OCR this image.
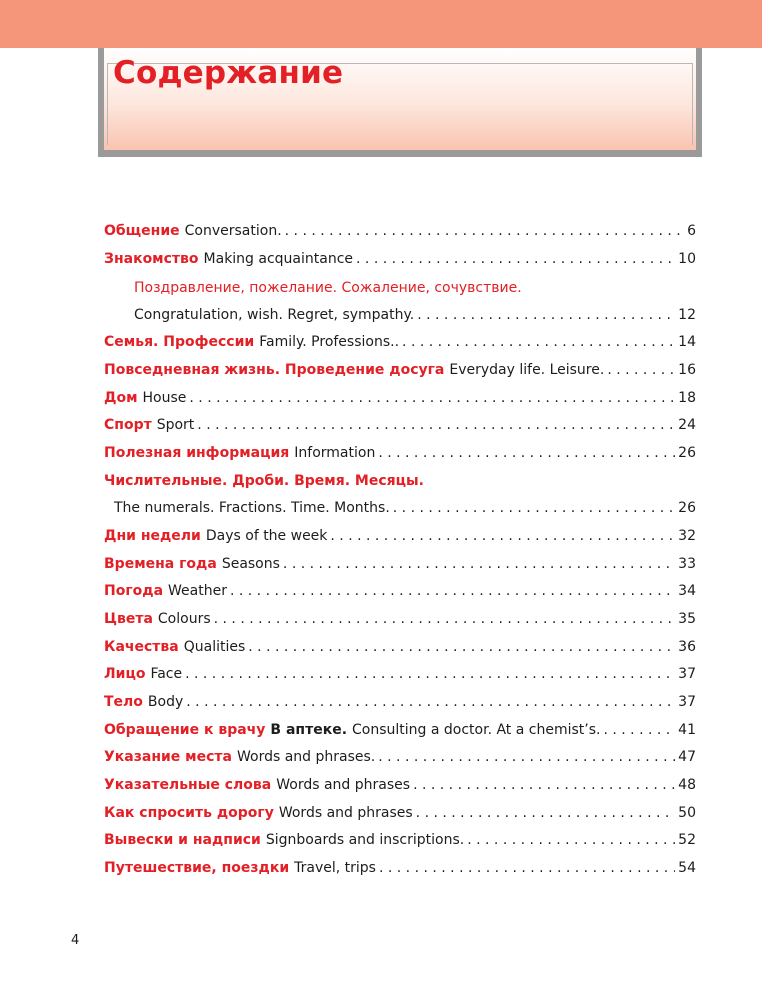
Содержание
Общение Conversation. . . .	6
Знакомство Making acquaintance . . .	10
Поздравление, пожелание. Сожаление, сочувствие.
Congratulation, wish. Regret, sympathy. . . .	12
Семья. Профессии Family. Professions.. . . .	14
Повседневная жизнь. Проведение досуга Everyday life. Leisure. . . .	16
Дом House . . .	18
Спорт Sport . . .	24
Полезная информация Information . . .	26
Числительные. Дроби. Время. Месяцы.
The numerals. Fractions. Time. Months. . . .	26
Дни недели Days of the week . . .	32
Времена года Seasons . . .	33
Погода Weather . . .	34
Цвета Colours . . .	35
Качества Qualities . . .	36
Лицо Face . . .	37
Тело Body . . .	37
Обращение к врачу В аптеке. Consulting a doctor. At a chemist’s. . . .	41
Указание места Words and phrases. . . .	47
Указательные слова Words and phrases . . .	48
Как спросить дорогу Words and phrases . . .	50
Вывески и надписи Signboards and inscriptions. . . .	52
Путешествие, поездки Travel, trips . . .	54
4
